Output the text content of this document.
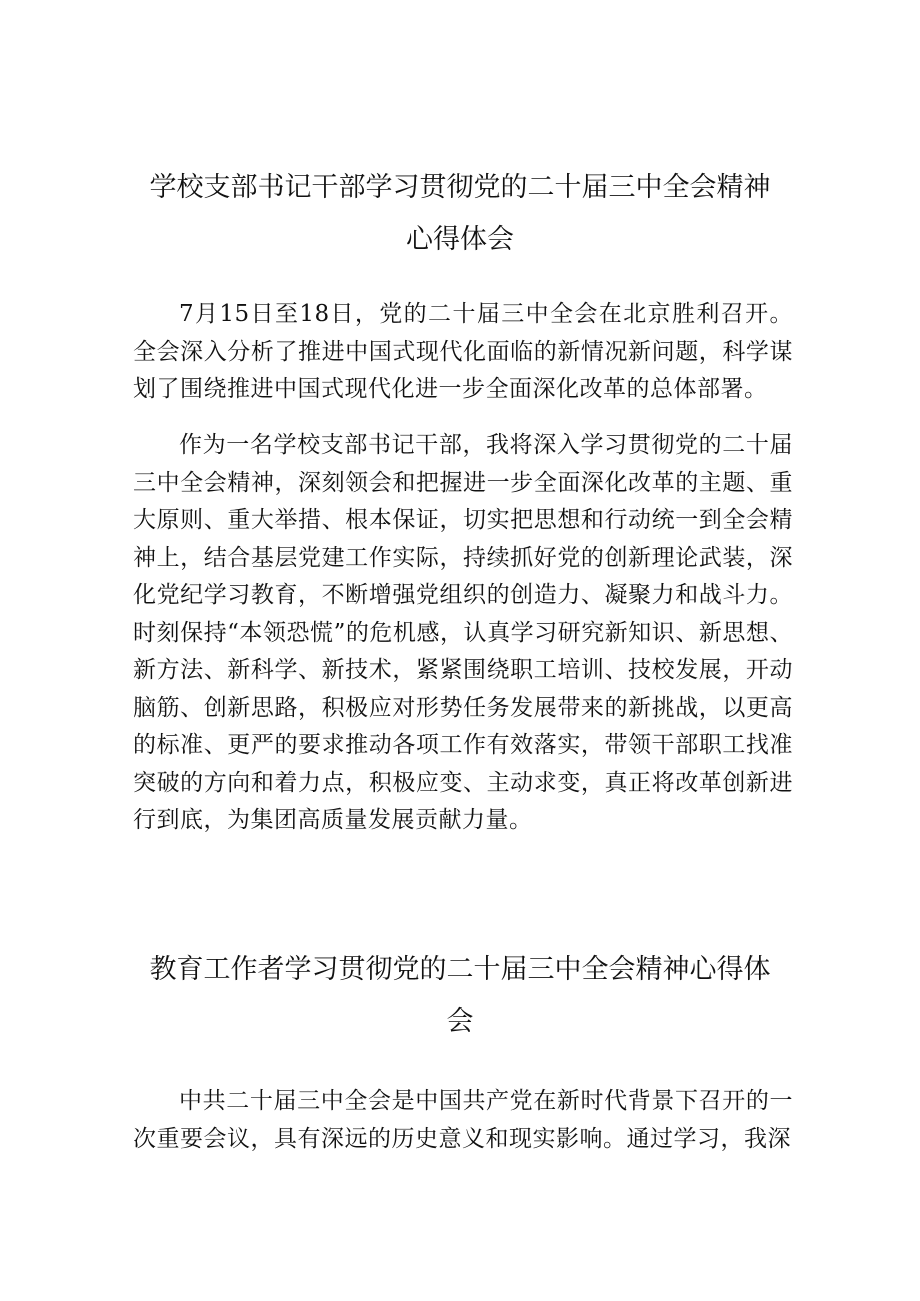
学校支部书记干部学习贯彻党的二十届三中全会精神
心得体会

7月15日至18日，党的二十届三中全会在北京胜利召开。全会深入分析了推进中国式现代化面临的新情况新问题，科学谋划了围绕推进中国式现代化进一步全面深化改革的总体部署。

作为一名学校支部书记干部，我将深入学习贯彻党的二十届三中全会精神，深刻领会和把握进一步全面深化改革的主题、重大原则、重大举措、根本保证，切实把思想和行动统一到全会精神上，结合基层党建工作实际，持续抓好党的创新理论武装，深化党纪学习教育，不断增强党组织的创造力、凝聚力和战斗力。时刻保持“本领恐慌”的危机感，认真学习研究新知识、新思想、新方法、新科学、新技术，紧紧围绕职工培训、技校发展，开动脑筋、创新思路，积极应对形势任务发展带来的新挑战，以更高的标准、更严的要求推动各项工作有效落实，带领干部职工找准突破的方向和着力点，积极应变、主动求变，真正将改革创新进行到底，为集团高质量发展贡献力量。

教育工作者学习贯彻党的二十届三中全会精神心得体
会

中共二十届三中全会是中国共产党在新时代背景下召开的一次重要会议，具有深远的历史意义和现实影响。通过学习，我深
